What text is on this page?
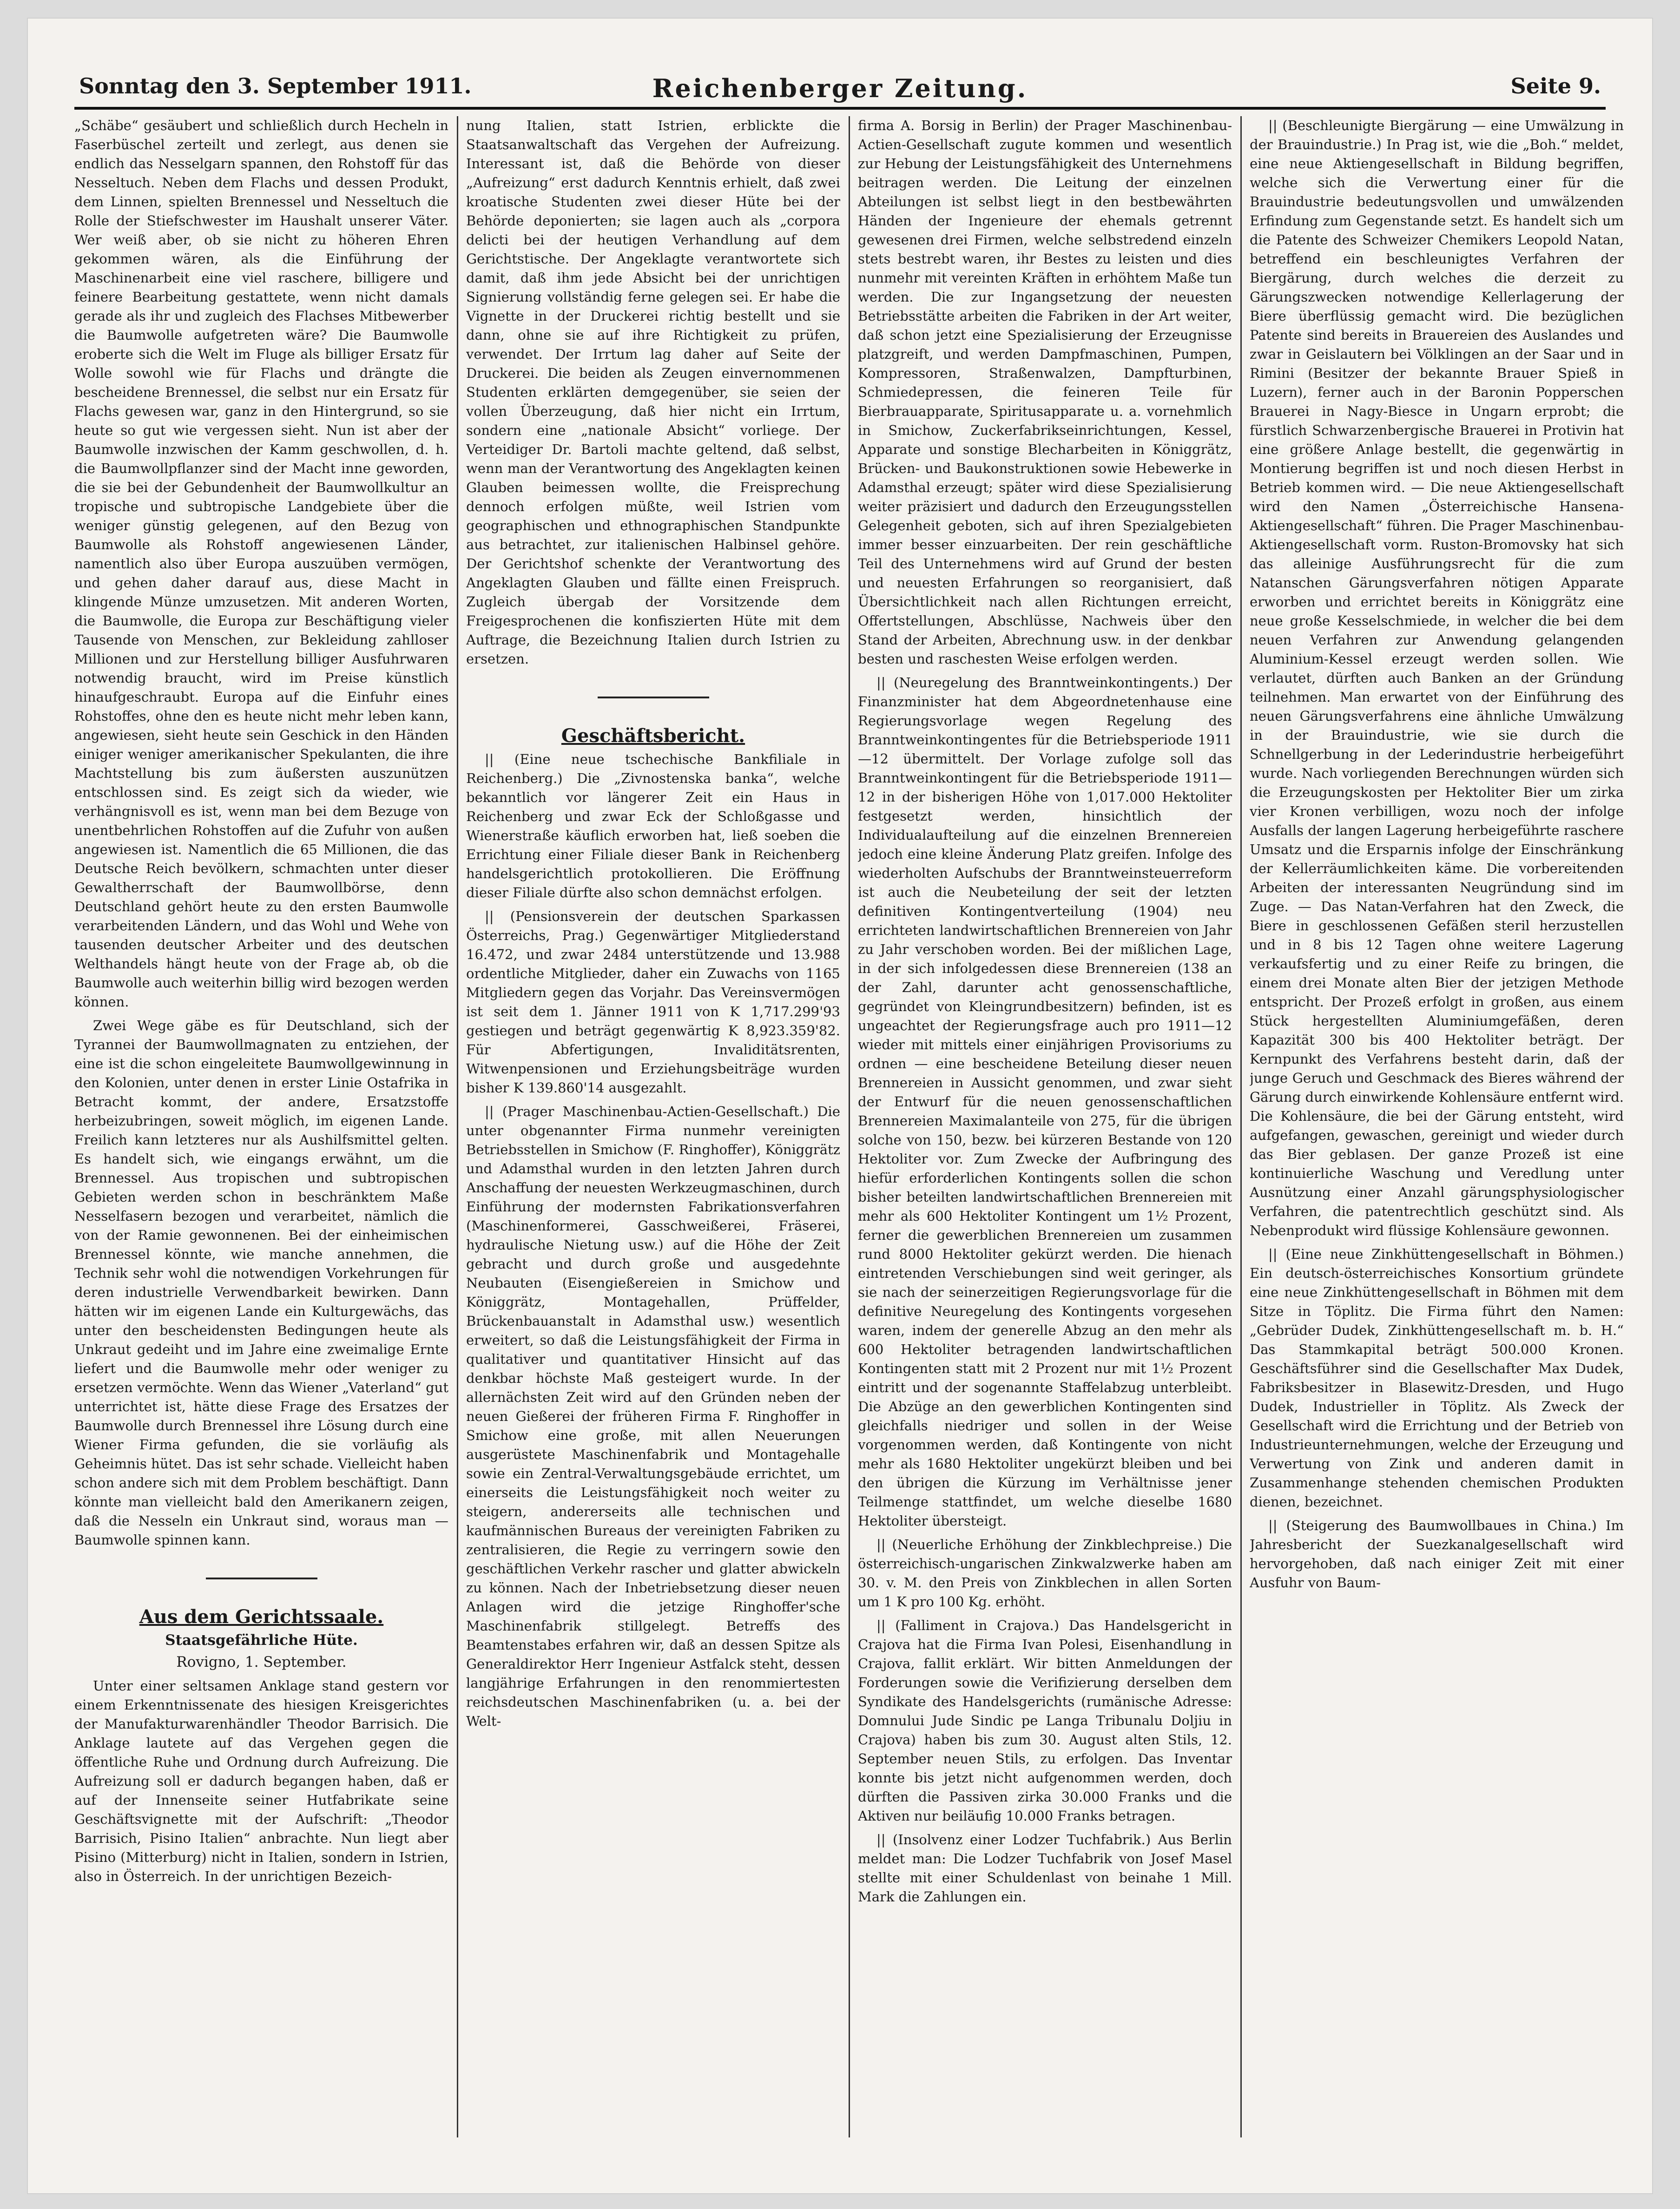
Sonntag den 3. September 1911.	Reichenberger Zeitung.	Seite 9.

„Schäbe“ gesäubert und schließlich durch Hecheln in Faserbüschel zerteilt und zerlegt, aus denen sie endlich das Nesselgarn spannen, den Rohstoff für das Nesseltuch. Neben dem Flachs und dessen Produkt, dem Linnen, spielten Brennessel und Nesseltuch die Rolle der Stiefschwester im Haushalt unserer Väter. Wer weiß aber, ob sie nicht zu höheren Ehren gekommen wären, als die Einführung der Maschinenarbeit eine viel raschere, billigere und feinere Bearbeitung gestattete, wenn nicht damals gerade als ihr und zugleich des Flachses Mitbewerber die Baumwolle aufgetreten wäre? Die Baumwolle eroberte sich die Welt im Fluge als billiger Ersatz für Wolle sowohl wie für Flachs und drängte die bescheidene Brennessel, die selbst nur ein Ersatz für Flachs gewesen war, ganz in den Hintergrund, so sie heute so gut wie vergessen sieht. Nun ist aber der Baumwolle inzwischen der Kamm geschwollen, d. h. die Baumwollpflanzer sind der Macht inne geworden, die sie bei der Gebundenheit der Baumwollkultur an tropische und subtropische Landgebiete über die weniger günstig gelegenen, auf den Bezug von Baumwolle als Rohstoff angewiesenen Länder, namentlich also über Europa auszuüben vermögen, und gehen daher darauf aus, diese Macht in klingende Münze umzusetzen. Mit anderen Worten, die Baumwolle, die Europa zur Beschäftigung vieler Tausende von Menschen, zur Bekleidung zahlloser Millionen und zur Herstellung billiger Ausfuhrwaren notwendig braucht, wird im Preise künstlich hinaufgeschraubt. Europa auf die Einfuhr eines Rohstoffes, ohne den es heute nicht mehr leben kann, angewiesen, sieht heute sein Geschick in den Händen einiger weniger amerikanischer Spekulanten, die ihre Machtstellung bis zum äußersten auszunützen entschlossen sind. Es zeigt sich da wieder, wie verhängnisvoll es ist, wenn man bei dem Bezuge von unentbehrlichen Rohstoffen auf die Zufuhr von außen angewiesen ist. Namentlich die 65 Millionen, die das Deutsche Reich bevölkern, schmachten unter dieser Gewaltherrschaft der Baumwollbörse, denn Deutschland gehört heute zu den ersten Baumwolle verarbeitenden Ländern, und das Wohl und Wehe von tausenden deutscher Arbeiter und des deutschen Welthandels hängt heute von der Frage ab, ob die Baumwolle auch weiterhin billig wird bezogen werden können.

Zwei Wege gäbe es für Deutschland, sich der Tyrannei der Baumwollmagnaten zu entziehen, der eine ist die schon eingeleitete Baumwollgewinnung in den Kolonien, unter denen in erster Linie Ostafrika in Betracht kommt, der andere, Ersatzstoffe herbeizubringen, soweit möglich, im eigenen Lande. Freilich kann letzteres nur als Aushilfsmittel gelten. Es handelt sich, wie eingangs erwähnt, um die Brennessel. Aus tropischen und subtropischen Gebieten werden schon in beschränktem Maße Nesselfasern bezogen und verarbeitet, nämlich die von der Ramie gewonnenen. Bei der einheimischen Brennessel könnte, wie manche annehmen, die Technik sehr wohl die notwendigen Vorkehrungen für deren industrielle Verwendbarkeit bewirken. Dann hätten wir im eigenen Lande ein Kulturgewächs, das unter den bescheidensten Bedingungen heute als Unkraut gedeiht und im Jahre eine zweimalige Ernte liefert und die Baumwolle mehr oder weniger zu ersetzen vermöchte. Wenn das Wiener „Vaterland“ gut unterrichtet ist, hätte diese Frage des Ersatzes der Baumwolle durch Brennessel ihre Lösung durch eine Wiener Firma gefunden, die sie vorläufig als Geheimnis hütet. Das ist sehr schade. Vielleicht haben schon andere sich mit dem Problem beschäftigt. Dann könnte man vielleicht bald den Amerikanern zeigen, daß die Nesseln ein Unkraut sind, woraus man — Baumwolle spinnen kann.

Aus dem Gerichtssaale.
Staatsgefährliche Hüte.
Rovigno, 1. September.

Unter einer seltsamen Anklage stand gestern vor einem Erkenntnissenate des hiesigen Kreisgerichtes der Manufakturwarenhändler Theodor Barrisich. Die Anklage lautete auf das Vergehen gegen die öffentliche Ruhe und Ordnung durch Aufreizung. Die Aufreizung soll er dadurch begangen haben, daß er auf der Innenseite seiner Hutfabrikate seine Geschäftsvignette mit der Aufschrift: „Theodor Barrisich, Pisino Italien“ anbrachte. Nun liegt aber Pisino (Mitterburg) nicht in Italien, sondern in Istrien, also in Österreich. In der unrichtigen Bezeich-

nung Italien, statt Istrien, erblickte die Staatsanwaltschaft das Vergehen der Aufreizung. Interessant ist, daß die Behörde von dieser „Aufreizung“ erst dadurch Kenntnis erhielt, daß zwei kroatische Studenten zwei dieser Hüte bei der Behörde deponierten; sie lagen auch als „corpora delicti bei der heutigen Verhandlung auf dem Gerichtstische. Der Angeklagte verantwortete sich damit, daß ihm jede Absicht bei der unrichtigen Signierung vollständig ferne gelegen sei. Er habe die Vignette in der Druckerei richtig bestellt und sie dann, ohne sie auf ihre Richtigkeit zu prüfen, verwendet. Der Irrtum lag daher auf Seite der Druckerei. Die beiden als Zeugen einvernommenen Studenten erklärten demgegenüber, sie seien der vollen Überzeugung, daß hier nicht ein Irrtum, sondern eine „nationale Absicht“ vorliege. Der Verteidiger Dr. Bartoli machte geltend, daß selbst, wenn man der Verantwortung des Angeklagten keinen Glauben beimessen wollte, die Freisprechung dennoch erfolgen müßte, weil Istrien vom geographischen und ethnographischen Standpunkte aus betrachtet, zur italienischen Halbinsel gehöre. Der Gerichtshof schenkte der Verantwortung des Angeklagten Glauben und fällte einen Freispruch. Zugleich übergab der Vorsitzende dem Freigesprochenen die konfiszierten Hüte mit dem Auftrage, die Bezeichnung Italien durch Istrien zu ersetzen.

Geschäftsbericht.

|| (Eine neue tschechische Bankfiliale in Reichenberg.) Die „Zivnostenska banka“, welche bekanntlich vor längerer Zeit ein Haus in Reichenberg und zwar Eck der Schloßgasse und Wienerstraße käuflich erworben hat, ließ soeben die Errichtung einer Filiale dieser Bank in Reichenberg handelsgerichtlich protokollieren. Die Eröffnung dieser Filiale dürfte also schon demnächst erfolgen.

|| (Pensionsverein der deutschen Sparkassen Österreichs, Prag.) Gegenwärtiger Mitgliederstand 16.472, und zwar 2484 unterstützende und 13.988 ordentliche Mitglieder, daher ein Zuwachs von 1165 Mitgliedern gegen das Vorjahr. Das Vereinsvermögen ist seit dem 1. Jänner 1911 von K 1,717.299'93 gestiegen und beträgt gegenwärtig K 8,923.359'82. Für Abfertigungen, Invaliditätsrenten, Witwenpensionen und Erziehungsbeiträge wurden bisher K 139.860'14 ausgezahlt.

|| (Prager Maschinenbau-Actien-Gesellschaft.) Die unter obgenannter Firma nunmehr vereinigten Betriebsstellen in Smichow (F. Ringhoffer), Königgrätz und Adamsthal wurden in den letzten Jahren durch Anschaffung der neuesten Werkzeugmaschinen, durch Einführung der modernsten Fabrikationsverfahren (Maschinenformerei, Gasschweißerei, Fräserei, hydraulische Nietung usw.) auf die Höhe der Zeit gebracht und durch große und ausgedehnte Neubauten (Eisengießereien in Smichow und Königgrätz, Montagehallen, Prüffelder, Brückenbauanstalt in Adamsthal usw.) wesentlich erweitert, so daß die Leistungsfähigkeit der Firma in qualitativer und quantitativer Hinsicht auf das denkbar höchste Maß gesteigert wurde. In der allernächsten Zeit wird auf den Gründen neben der neuen Gießerei der früheren Firma F. Ringhoffer in Smichow eine große, mit allen Neuerungen ausgerüstete Maschinenfabrik und Montagehalle sowie ein Zentral-Verwaltungsgebäude errichtet, um einerseits die Leistungsfähigkeit noch weiter zu steigern, andererseits alle technischen und kaufmännischen Bureaus der vereinigten Fabriken zu zentralisieren, die Regie zu verringern sowie den geschäftlichen Verkehr rascher und glatter abwickeln zu können. Nach der Inbetriebsetzung dieser neuen Anlagen wird die jetzige Ringhoffer'sche Maschinenfabrik stillgelegt. Betreffs des Beamtenstabes erfahren wir, daß an dessen Spitze als Generaldirektor Herr Ingenieur Astfalck steht, dessen langjährige Erfahrungen in den renommiertesten reichsdeutschen Maschinenfabriken (u. a. bei der Welt-

firma A. Borsig in Berlin) der Prager Maschinenbau-Actien-Gesellschaft zugute kommen und wesentlich zur Hebung der Leistungsfähigkeit des Unternehmens beitragen werden. Die Leitung der einzelnen Abteilungen ist selbst liegt in den bestbewährten Händen der Ingenieure der ehemals getrennt gewesenen drei Firmen, welche selbstredend einzeln stets bestrebt waren, ihr Bestes zu leisten und dies nunmehr mit vereinten Kräften in erhöhtem Maße tun werden. Die zur Ingangsetzung der neuesten Betriebsstätte arbeiten die Fabriken in der Art weiter, daß schon jetzt eine Spezialisierung der Erzeugnisse platzgreift, und werden Dampfmaschinen, Pumpen, Kompressoren, Straßenwalzen, Dampfturbinen, Schmiedepressen, die feineren Teile für Bierbrauapparate, Spiritusapparate u. a. vornehmlich in Smichow, Zuckerfabrikseinrichtungen, Kessel, Apparate und sonstige Blecharbeiten in Königgrätz, Brücken- und Baukonstruktionen sowie Hebewerke in Adamsthal erzeugt; später wird diese Spezialisierung weiter präzisiert und dadurch den Erzeugungsstellen Gelegenheit geboten, sich auf ihren Spezialgebieten immer besser einzuarbeiten. Der rein geschäftliche Teil des Unternehmens wird auf Grund der besten und neuesten Erfahrungen so reorganisiert, daß Übersichtlichkeit nach allen Richtungen erreicht, Offertstellungen, Abschlüsse, Nachweis über den Stand der Arbeiten, Abrechnung usw. in der denkbar besten und raschesten Weise erfolgen werden.

|| (Neuregelung des Branntweinkontingents.) Der Finanzminister hat dem Abgeordnetenhause eine Regierungsvorlage wegen Regelung des Branntweinkontingentes für die Betriebsperiode 1911—12 übermittelt. Der Vorlage zufolge soll das Branntweinkontingent für die Betriebsperiode 1911—12 in der bisherigen Höhe von 1,017.000 Hektoliter festgesetzt werden, hinsichtlich der Individualaufteilung auf die einzelnen Brennereien jedoch eine kleine Änderung Platz greifen. Infolge des wiederholten Aufschubs der Branntweinsteuerreform ist auch die Neubeteilung der seit der letzten definitiven Kontingentverteilung (1904) neu errichteten landwirtschaftlichen Brennereien von Jahr zu Jahr verschoben worden. Bei der mißlichen Lage, in der sich infolgedessen diese Brennereien (138 an der Zahl, darunter acht genossenschaftliche, gegründet von Kleingrundbesitzern) befinden, ist es ungeachtet der Regierungsfrage auch pro 1911—12 wieder mit mittels einer einjährigen Provisoriums zu ordnen — eine bescheidene Beteilung dieser neuen Brennereien in Aussicht genommen, und zwar sieht der Entwurf für die neuen genossenschaftlichen Brennereien Maximalanteile von 275, für die übrigen solche von 150, bezw. bei kürzeren Bestande von 120 Hektoliter vor. Zum Zwecke der Aufbringung des hiefür erforderlichen Kontingents sollen die schon bisher beteilten landwirtschaftlichen Brennereien mit mehr als 600 Hektoliter Kontingent um 1½ Prozent, ferner die gewerblichen Brennereien um zusammen rund 8000 Hektoliter gekürzt werden. Die hienach eintretenden Verschiebungen sind weit geringer, als sie nach der seinerzeitigen Regierungsvorlage für die definitive Neuregelung des Kontingents vorgesehen waren, indem der generelle Abzug an den mehr als 600 Hektoliter betragenden landwirtschaftlichen Kontingenten statt mit 2 Prozent nur mit 1½ Prozent eintritt und der sogenannte Staffelabzug unterbleibt. Die Abzüge an den gewerblichen Kontingenten sind gleichfalls niedriger und sollen in der Weise vorgenommen werden, daß Kontingente von nicht mehr als 1680 Hektoliter ungekürzt bleiben und bei den übrigen die Kürzung im Verhältnisse jener Teilmenge stattfindet, um welche dieselbe 1680 Hektoliter übersteigt.

|| (Neuerliche Erhöhung der Zinkblechpreise.) Die österreichisch-ungarischen Zinkwalzwerke haben am 30. v. M. den Preis von Zinkblechen in allen Sorten um 1 K pro 100 Kg. erhöht.

|| (Falliment in Crajova.) Das Handelsgericht in Crajova hat die Firma Ivan Polesi, Eisenhandlung in Crajova, fallit erklärt. Wir bitten Anmeldungen der Forderungen sowie die Verifizierung derselben dem Syndikate des Handelsgerichts (rumänische Adresse: Domnului Jude Sindic pe Langa Tribunalu Doljiu in Crajova) haben bis zum 30. August alten Stils, 12. September neuen Stils, zu erfolgen. Das Inventar konnte bis jetzt nicht aufgenommen werden, doch dürften die Passiven zirka 30.000 Franks und die Aktiven nur beiläufig 10.000 Franks betragen.

|| (Insolvenz einer Lodzer Tuchfabrik.) Aus Berlin meldet man: Die Lodzer Tuchfabrik von Josef Masel stellte mit einer Schuldenlast von beinahe 1 Mill. Mark die Zahlungen ein.

|| (Beschleunigte Biergärung — eine Umwälzung in der Brauindustrie.) In Prag ist, wie die „Boh.“ meldet, eine neue Aktiengesellschaft in Bildung begriffen, welche sich die Verwertung einer für die Brauindustrie bedeutungsvollen und umwälzenden Erfindung zum Gegenstande setzt. Es handelt sich um die Patente des Schweizer Chemikers Leopold Natan, betreffend ein beschleunigtes Verfahren der Biergärung, durch welches die derzeit zu Gärungszwecken notwendige Kellerlagerung der Biere überflüssig gemacht wird. Die bezüglichen Patente sind bereits in Brauereien des Auslandes und zwar in Geislautern bei Völklingen an der Saar und in Rimini (Besitzer der bekannte Brauer Spieß in Luzern), ferner auch in der Baronin Popperschen Brauerei in Nagy-Biesce in Ungarn erprobt; die fürstlich Schwarzenbergische Brauerei in Protivin hat eine größere Anlage bestellt, die gegenwärtig in Montierung begriffen ist und noch diesen Herbst in Betrieb kommen wird. — Die neue Aktiengesellschaft wird den Namen „Österreichische Hansena-Aktiengesellschaft“ führen. Die Prager Maschinenbau-Aktiengesellschaft vorm. Ruston-Bromovsky hat sich das alleinige Ausführungsrecht für die zum Natanschen Gärungsverfahren nötigen Apparate erworben und errichtet bereits in Königgrätz eine neue große Kesselschmiede, in welcher die bei dem neuen Verfahren zur Anwendung gelangenden Aluminium-Kessel erzeugt werden sollen. Wie verlautet, dürften auch Banken an der Gründung teilnehmen. Man erwartet von der Einführung des neuen Gärungsverfahrens eine ähnliche Umwälzung in der Brauindustrie, wie sie durch die Schnellgerbung in der Lederindustrie herbeigeführt wurde. Nach vorliegenden Berechnungen würden sich die Erzeugungskosten per Hektoliter Bier um zirka vier Kronen verbilligen, wozu noch der infolge Ausfalls der langen Lagerung herbeigeführte raschere Umsatz und die Ersparnis infolge der Einschränkung der Kellerräumlichkeiten käme. Die vorbereitenden Arbeiten der interessanten Neugründung sind im Zuge. — Das Natan-Verfahren hat den Zweck, die Biere in geschlossenen Gefäßen steril herzustellen und in 8 bis 12 Tagen ohne weitere Lagerung verkaufsfertig und zu einer Reife zu bringen, die einem drei Monate alten Bier der jetzigen Methode entspricht. Der Prozeß erfolgt in großen, aus einem Stück hergestellten Aluminiumgefäßen, deren Kapazität 300 bis 400 Hektoliter beträgt. Der Kernpunkt des Verfahrens besteht darin, daß der junge Geruch und Geschmack des Bieres während der Gärung durch einwirkende Kohlensäure entfernt wird. Die Kohlensäure, die bei der Gärung entsteht, wird aufgefangen, gewaschen, gereinigt und wieder durch das Bier geblasen. Der ganze Prozeß ist eine kontinuierliche Waschung und Veredlung unter Ausnützung einer Anzahl gärungsphysiologischer Verfahren, die patentrechtlich geschützt sind. Als Nebenprodukt wird flüssige Kohlensäure gewonnen.

|| (Eine neue Zinkhüttengesellschaft in Böhmen.) Ein deutsch-österreichisches Konsortium gründete eine neue Zinkhüttengesellschaft in Böhmen mit dem Sitze in Töplitz. Die Firma führt den Namen: „Gebrüder Dudek, Zinkhüttengesellschaft m. b. H.“ Das Stammkapital beträgt 500.000 Kronen. Geschäftsführer sind die Gesellschafter Max Dudek, Fabriksbesitzer in Blasewitz-Dresden, und Hugo Dudek, Industrieller in Töplitz. Als Zweck der Gesellschaft wird die Errichtung und der Betrieb von Industrieunternehmungen, welche der Erzeugung und Verwertung von Zink und anderen damit in Zusammenhange stehenden chemischen Produkten dienen, bezeichnet.

|| (Steigerung des Baumwollbaues in China.) Im Jahresbericht der Suezkanalgesellschaft wird hervorgehoben, daß nach einiger Zeit mit einer Ausfuhr von Baum-
